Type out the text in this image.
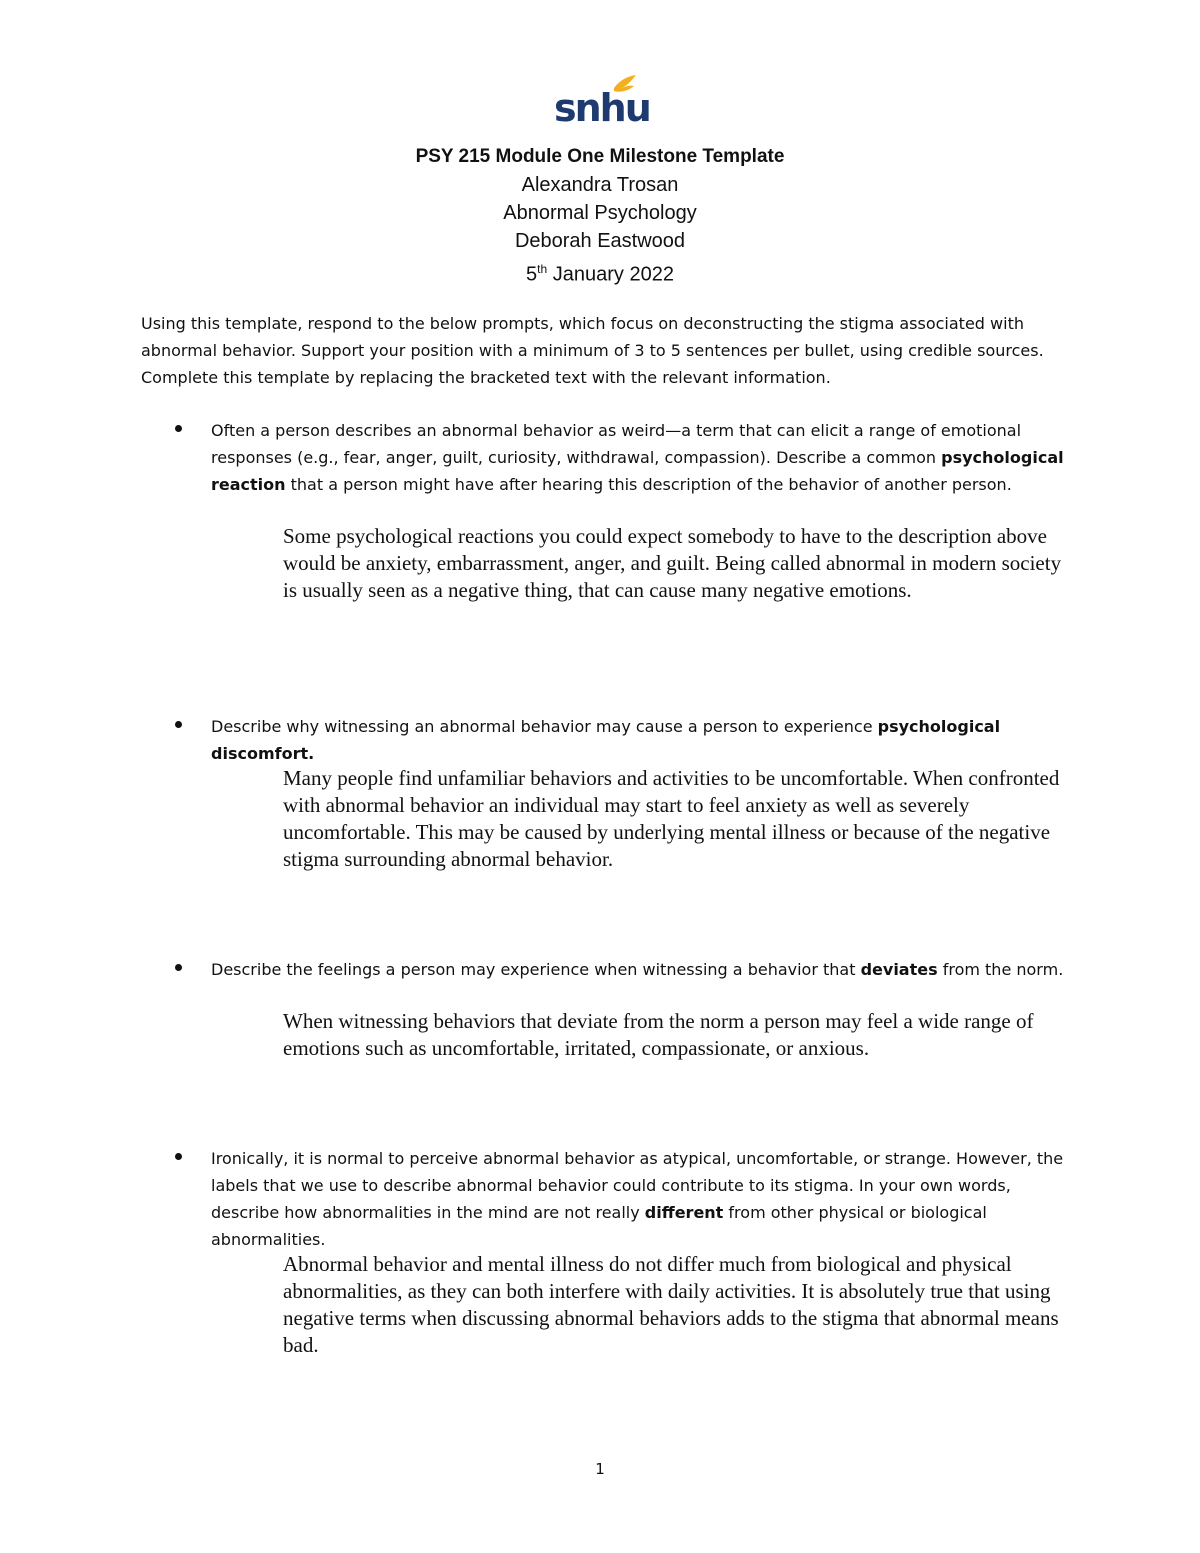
snhu
PSY 215 Module One Milestone Template
Alexandra Trosan
Abnormal Psychology
Deborah Eastwood
5th January 2022
Using this template, respond to the below prompts, which focus on deconstructing the stigma associated with abnormal behavior. Support your position with a minimum of 3 to 5 sentences per bullet, using credible sources. Complete this template by replacing the bracketed text with the relevant information.
Often a person describes an abnormal behavior as weird—a term that can elicit a range of emotional responses (e.g., fear, anger, guilt, curiosity, withdrawal, compassion). Describe a common psychological reaction that a person might have after hearing this description of the behavior of another person.
Some psychological reactions you could expect somebody to have to the description above would be anxiety, embarrassment, anger, and guilt. Being called abnormal in modern society is usually seen as a negative thing, that can cause many negative emotions.
Describe why witnessing an abnormal behavior may cause a person to experience psychological discomfort.
Many people find unfamiliar behaviors and activities to be uncomfortable. When confronted with abnormal behavior an individual may start to feel anxiety as well as severely uncomfortable. This may be caused by underlying mental illness or because of the negative stigma surrounding abnormal behavior.
Describe the feelings a person may experience when witnessing a behavior that deviates from the norm.
When witnessing behaviors that deviate from the norm a person may feel a wide range of emotions such as uncomfortable, irritated, compassionate, or anxious.
Ironically, it is normal to perceive abnormal behavior as atypical, uncomfortable, or strange. However, the labels that we use to describe abnormal behavior could contribute to its stigma. In your own words, describe how abnormalities in the mind are not really different from other physical or biological abnormalities.
Abnormal behavior and mental illness do not differ much from biological and physical abnormalities, as they can both interfere with daily activities. It is absolutely true that using negative terms when discussing abnormal behaviors adds to the stigma that abnormal means bad.
1
